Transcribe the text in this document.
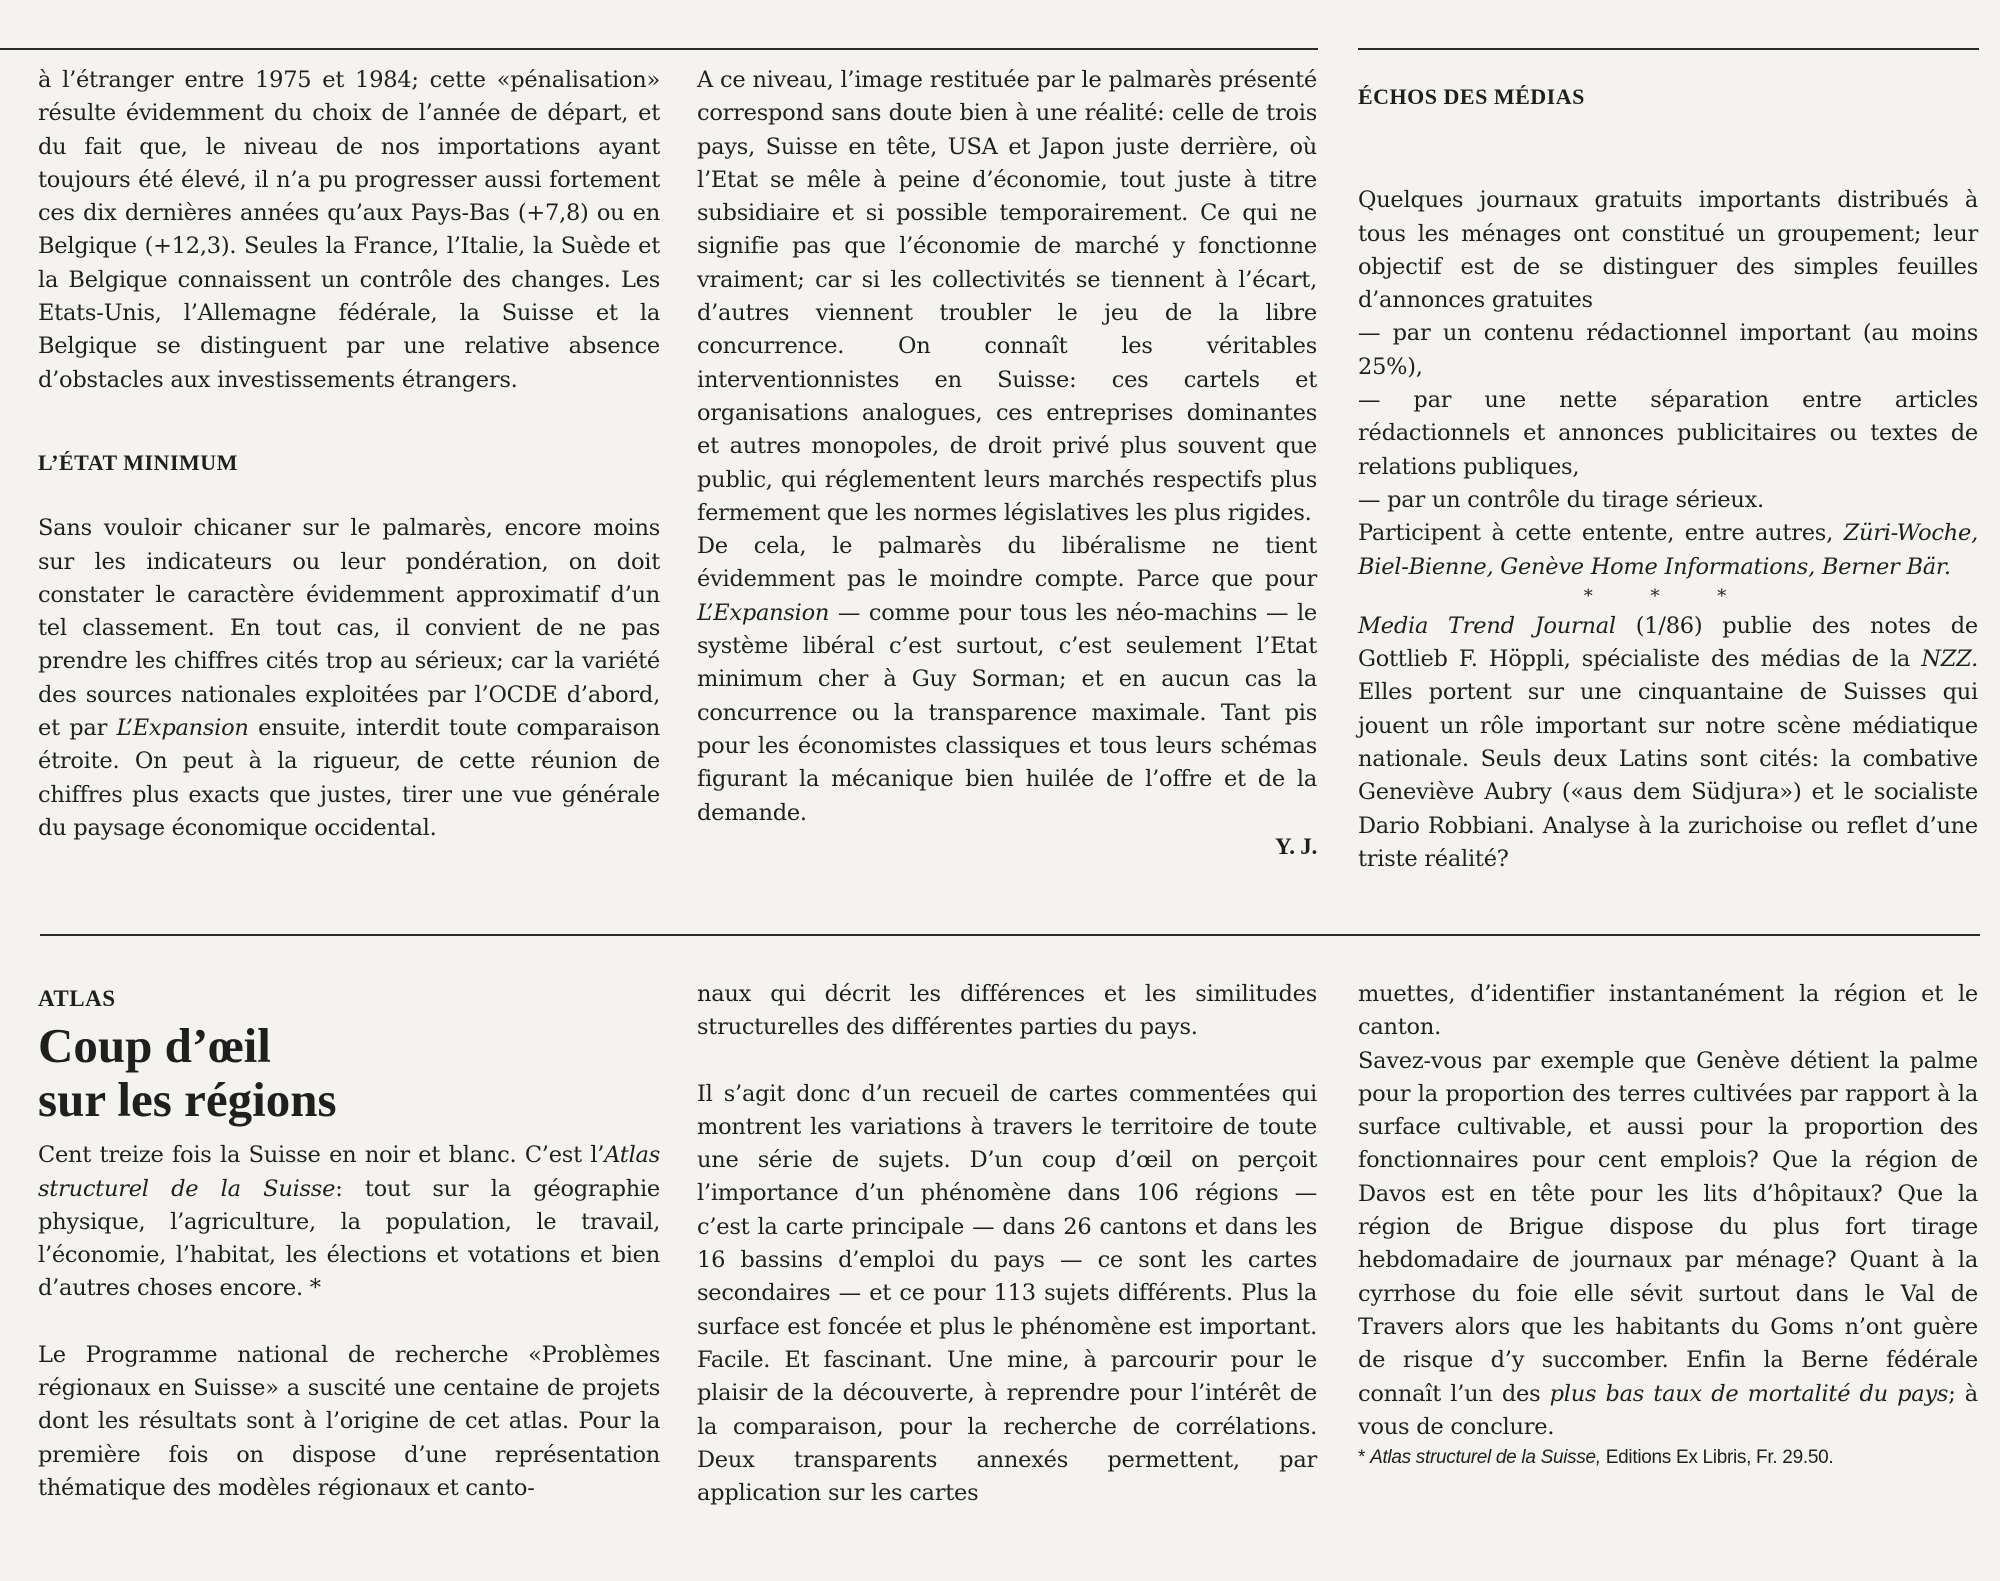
à l’étranger entre 1975 et 1984; cette «pénalisation» résulte évidemment du choix de l’année de départ, et du fait que, le niveau de nos importations ayant toujours été élevé, il n’a pu progresser aussi fortement ces dix dernières années qu’aux Pays-Bas (+7,8) ou en Belgique (+12,3). Seules la France, l’Italie, la Suède et la Belgique connaissent un contrôle des changes. Les Etats-Unis, l’Allemagne fédérale, la Suisse et la Belgique se distinguent par une relative absence d’obstacles aux investissements étrangers.

L’ÉTAT MINIMUM

Sans vouloir chicaner sur le palmarès, encore moins sur les indicateurs ou leur pondération, on doit constater le caractère évidemment approximatif d’un tel classement. En tout cas, il convient de ne pas prendre les chiffres cités trop au sérieux; car la variété des sources nationales exploitées par l’OCDE d’abord, et par L’Expansion ensuite, interdit toute comparaison étroite. On peut à la rigueur, de cette réunion de chiffres plus exacts que justes, tirer une vue générale du paysage économique occidental.

A ce niveau, l’image restituée par le palmarès présenté correspond sans doute bien à une réalité: celle de trois pays, Suisse en tête, USA et Japon juste derrière, où l’Etat se mêle à peine d’économie, tout juste à titre subsidiaire et si possible temporairement. Ce qui ne signifie pas que l’économie de marché y fonctionne vraiment; car si les collectivités se tiennent à l’écart, d’autres viennent troubler le jeu de la libre concurrence. On connaît les véritables interventionnistes en Suisse: ces cartels et organisations analogues, ces entreprises dominantes et autres monopoles, de droit privé plus souvent que public, qui réglementent leurs marchés respectifs plus fermement que les normes législatives les plus rigides.

De cela, le palmarès du libéralisme ne tient évidemment pas le moindre compte. Parce que pour L’Expansion — comme pour tous les néo-machins — le système libéral c’est surtout, c’est seulement l’Etat minimum cher à Guy Sorman; et en aucun cas la concurrence ou la transparence maximale. Tant pis pour les économistes classiques et tous leurs schémas figurant la mécanique bien huilée de l’offre et de la demande.

Y. J.

ÉCHOS DES MÉDIAS

Quelques journaux gratuits importants distribués à tous les ménages ont constitué un groupement; leur objectif est de se distinguer des simples feuilles d’annonces gratuites

— par un contenu rédactionnel important (au moins 25%),

— par une nette séparation entre articles rédactionnels et annonces publicitaires ou textes de relations publiques,

— par un contrôle du tirage sérieux.

Participent à cette entente, entre autres, Züri-Woche, Biel-Bienne, Genève Home Informations, Berner Bär.

* * *

Media Trend Journal (1/86) publie des notes de Gottlieb F. Höppli, spécialiste des médias de la NZZ. Elles portent sur une cinquantaine de Suisses qui jouent un rôle important sur notre scène médiatique nationale. Seuls deux Latins sont cités: la combative Geneviève Aubry («aus dem Südjura») et le socialiste Dario Robbiani. Analyse à la zurichoise ou reflet d’une triste réalité?

ATLAS

Coup d’œil
sur les régions

Cent treize fois la Suisse en noir et blanc. C’est l’Atlas structurel de la Suisse: tout sur la géographie physique, l’agriculture, la population, le travail, l’économie, l’habitat, les élections et votations et bien d’autres choses encore. *

Le Programme national de recherche «Problèmes régionaux en Suisse» a suscité une centaine de projets dont les résultats sont à l’origine de cet atlas. Pour la première fois on dispose d’une représentation thématique des modèles régionaux et canto-

naux qui décrit les différences et les similitudes structurelles des différentes parties du pays.

Il s’agit donc d’un recueil de cartes commentées qui montrent les variations à travers le territoire de toute une série de sujets. D’un coup d’œil on perçoit l’importance d’un phénomène dans 106 régions — c’est la carte principale — dans 26 cantons et dans les 16 bassins d’emploi du pays — ce sont les cartes secondaires — et ce pour 113 sujets différents. Plus la surface est foncée et plus le phénomène est important. Facile. Et fascinant. Une mine, à parcourir pour le plaisir de la découverte, à reprendre pour l’intérêt de la comparaison, pour la recherche de corrélations. Deux transparents annexés permettent, par application sur les cartes

muettes, d’identifier instantanément la région et le canton.

Savez-vous par exemple que Genève détient la palme pour la proportion des terres cultivées par rapport à la surface cultivable, et aussi pour la proportion des fonctionnaires pour cent emplois? Que la région de Davos est en tête pour les lits d’hôpitaux? Que la région de Brigue dispose du plus fort tirage hebdomadaire de journaux par ménage? Quant à la cyrrhose du foie elle sévit surtout dans le Val de Travers alors que les habitants du Goms n’ont guère de risque d’y succomber. Enfin la Berne fédérale connaît l’un des plus bas taux de mortalité du pays; à vous de conclure.

* Atlas structurel de la Suisse, Editions Ex Libris, Fr. 29.50.
